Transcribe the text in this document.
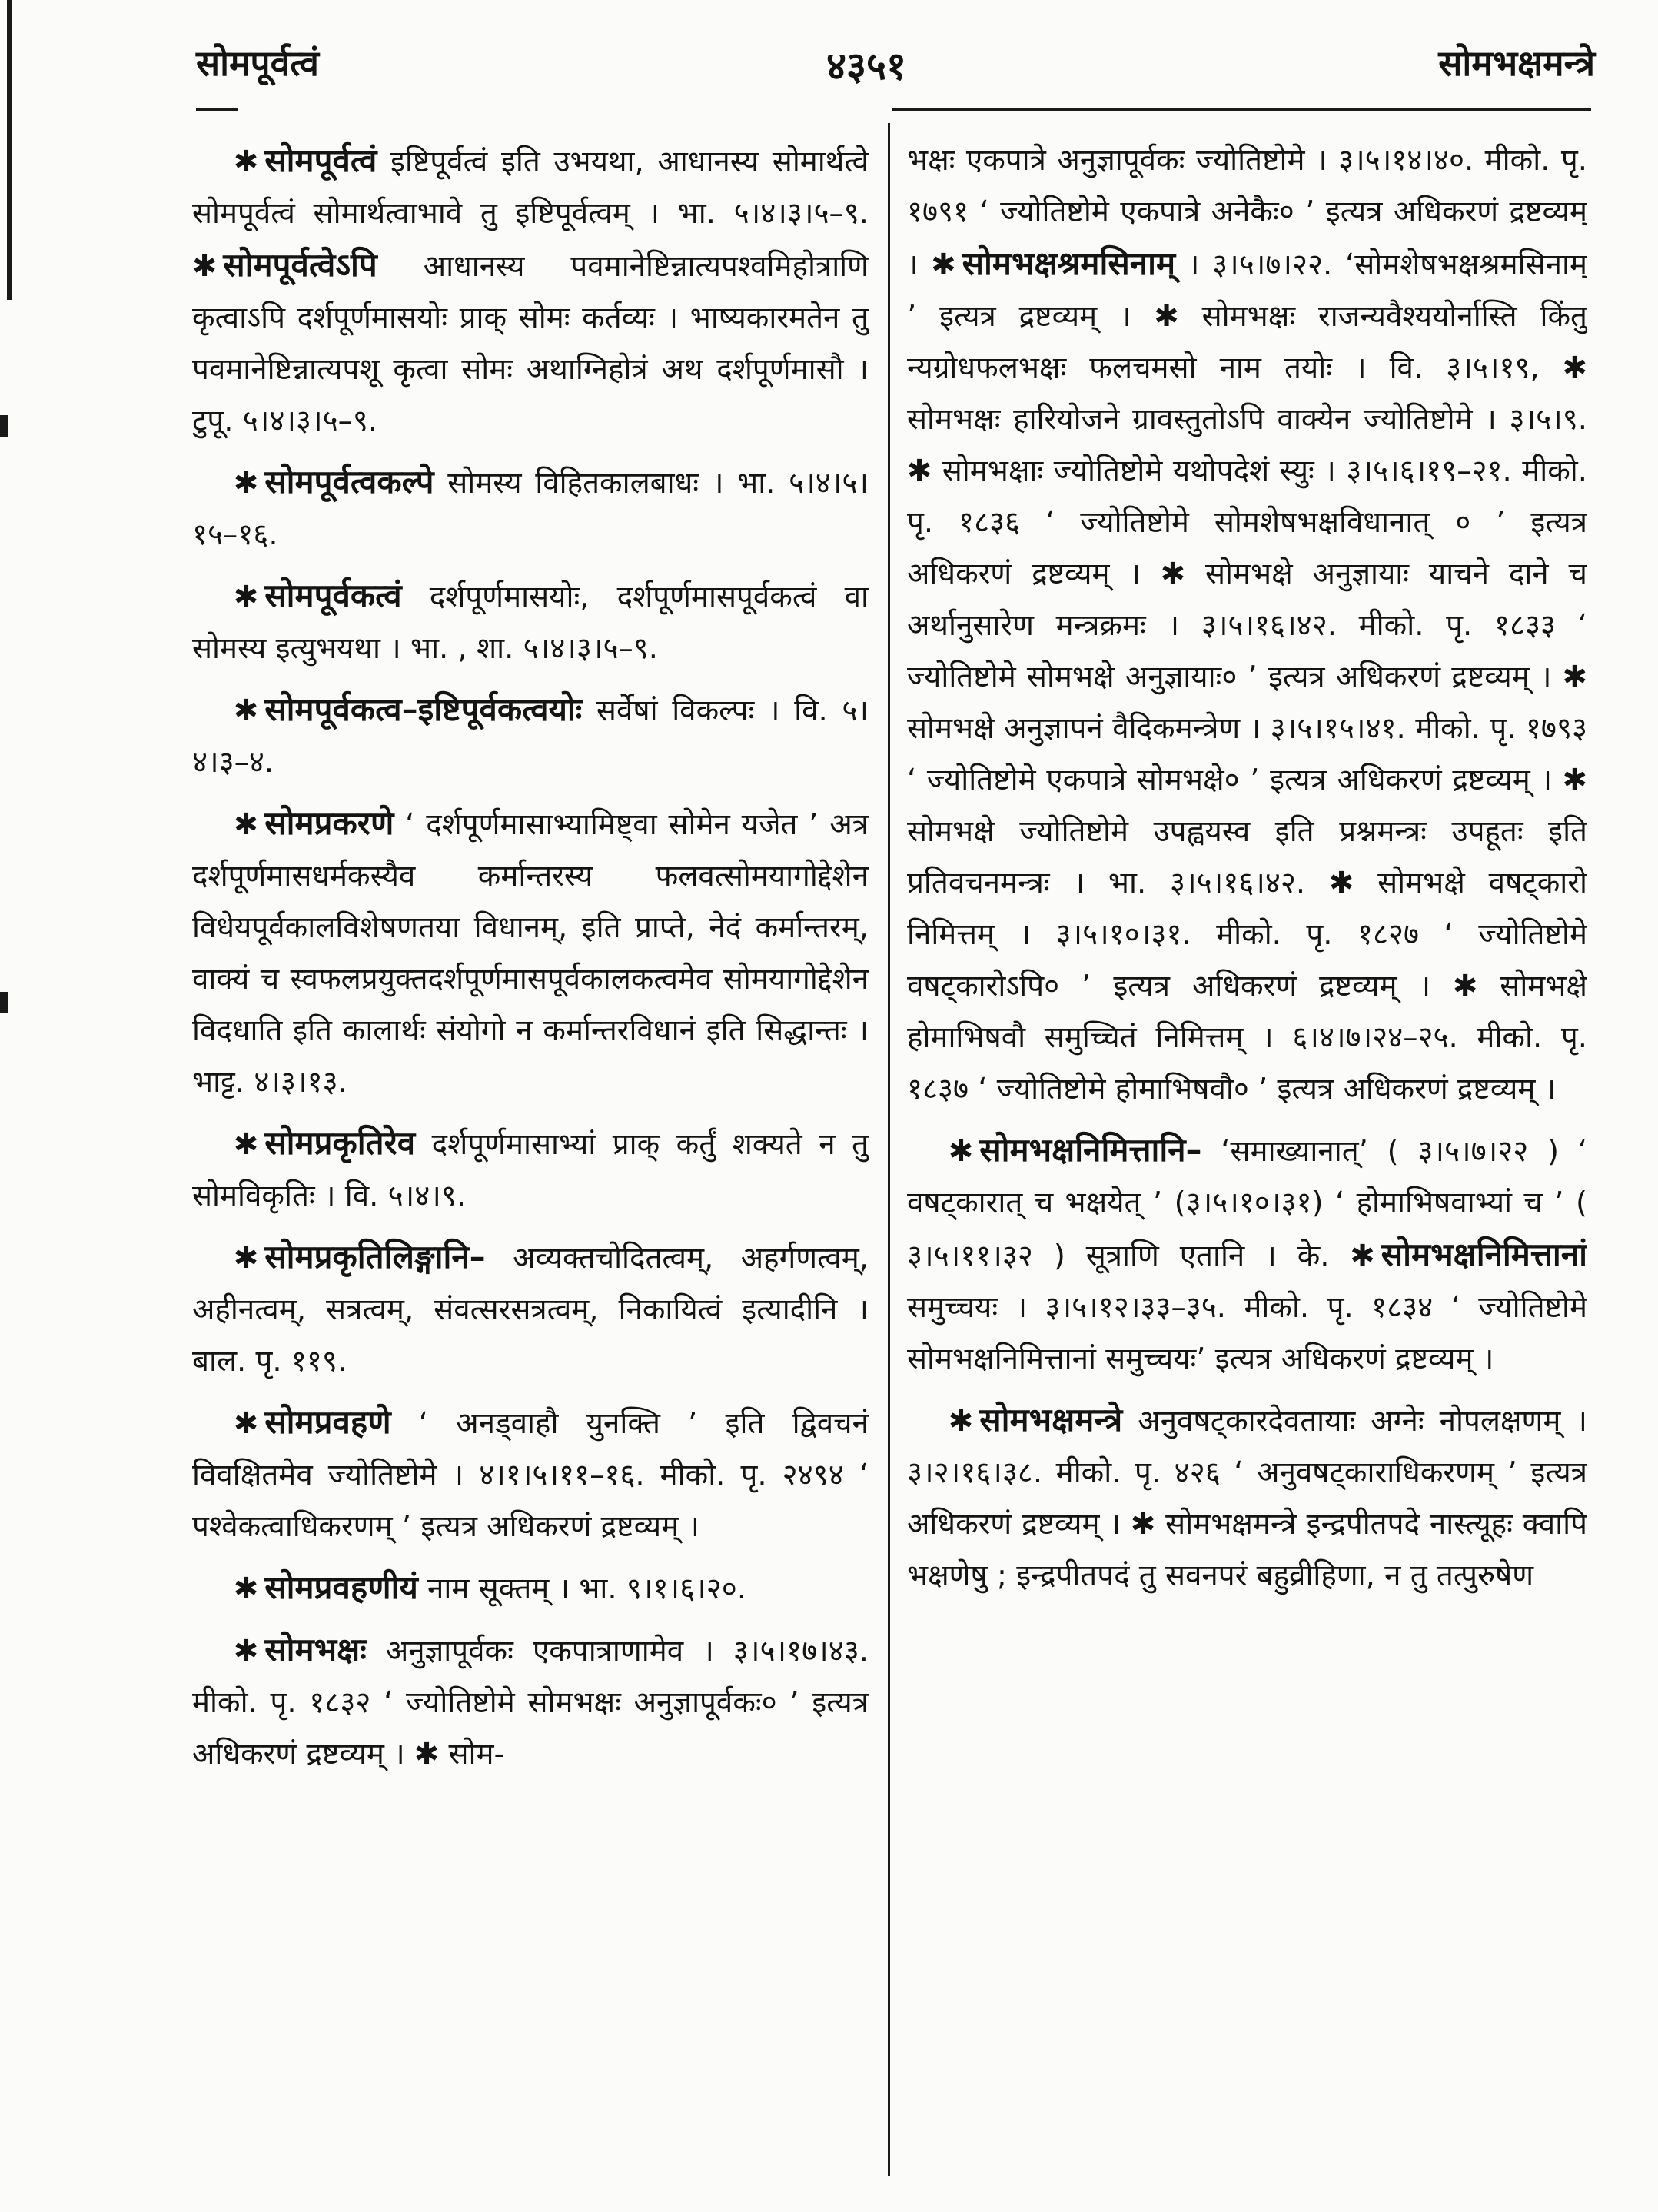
सोमपूर्वत्वं	४३५१	सोमभक्षमन्त्रे

✱ सोमपूर्वत्वं इष्टिपूर्वत्वं इति उभयथा, आधानस्य सोमार्थत्वे सोमपूर्वत्वं सोमार्थत्वाभावे तु इष्टिपूर्वत्वम् । भा. ५।४।३।५–९. ✱ सोमपूर्वत्वेऽपि आधानस्य पवमानेष्टिन्नात्यपश्वमिहोत्राणि कृत्वाऽपि दर्शपूर्णमासयोः प्राक् सोमः कर्तव्यः । भाष्यकारमतेन तु पवमानेष्टिन्नात्यपशू कृत्वा सोमः अथाग्निहोत्रं अथ दर्शपूर्णमासौ । टुपू. ५।४।३।५–९.

✱ सोमपूर्वत्वकल्पे सोमस्य विहितकालबाधः । भा. ५।४।५।१५–१६.

✱ सोमपूर्वकत्वं दर्शपूर्णमासयोः, दर्शपूर्णमासपूर्वकत्वं वा सोमस्य इत्युभयथा । भा. , शा. ५।४।३।५–९.

✱ सोमपूर्वकत्व–इष्टिपूर्वकत्वयोः सर्वेषां विकल्पः । वि. ५।४।३–४.

✱ सोमप्रकरणे ‘ दर्शपूर्णमासाभ्यामिष्ट्वा सोमेन यजेत ’ अत्र दर्शपूर्णमासधर्मकस्यैव कर्मान्तरस्य फलवत्सोमयागोद्देशेन विधेयपूर्वकालविशेषणतया विधानम्, इति प्राप्ते, नेदं कर्मान्तरम्, वाक्यं च स्वफलप्रयुक्तदर्शपूर्णमासपूर्वकालकत्वमेव सोमयागोद्देशेन विदधाति इति कालार्थः संयोगो न कर्मान्तरविधानं इति सिद्धान्तः । भाट्ट. ४।३।१३.

✱ सोमप्रकृतिरेव दर्शपूर्णमासाभ्यां प्राक् कर्तुं शक्यते न तु सोमविकृतिः । वि. ५।४।९.

✱ सोमप्रकृतिलिङ्गानि– अव्यक्तचोदितत्वम्, अहर्गणत्वम्, अहीनत्वम्, सत्रत्वम्, संवत्सरसत्रत्वम्, निकायित्वं इत्यादीनि । बाल. पृ. ११९.

✱ सोमप्रवहणे ‘ अनड्वाहौ युनक्ति ’ इति द्विवचनं विवक्षितमेव ज्योतिष्टोमे । ४।१।५।११–१६. मीको. पृ. २४९४ ‘ पश्वेकत्वाधिकरणम् ’ इत्यत्र अधिकरणं द्रष्टव्यम् ।

✱ सोमप्रवहणीयं नाम सूक्तम् । भा. ९।१।६।२०.

✱ सोमभक्षः अनुज्ञापूर्वकः एकपात्राणामेव । ३।५।१७।४३. मीको. पृ. १८३२ ‘ ज्योतिष्टोमे सोमभक्षः अनुज्ञापूर्वकः० ’ इत्यत्र अधिकरणं द्रष्टव्यम् । ✱ सोम-

भक्षः एकपात्रे अनुज्ञापूर्वकः ज्योतिष्टोमे । ३।५।१४।४०. मीको. पृ. १७९१ ‘ ज्योतिष्टोमे एकपात्रे अनेकैः० ’ इत्यत्र अधिकरणं द्रष्टव्यम् । ✱ सोमभक्षश्रमसिनाम् । ३।५।७।२२. ‘सोमशेषभक्षश्रमसिनाम् ’ इत्यत्र द्रष्टव्यम् । ✱ सोमभक्षः राजन्यवैश्ययोर्नास्ति किंतु न्यग्रोधफलभक्षः फलचमसो नाम तयोः । वि. ३।५।१९, ✱ सोमभक्षः हारियोजने ग्रावस्तुतोऽपि वाक्येन ज्योतिष्टोमे । ३।५।९. ✱ सोमभक्षाः ज्योतिष्टोमे यथोपदेशं स्युः । ३।५।६।१९–२१. मीको. पृ. १८३६ ‘ ज्योतिष्टोमे सोमशेषभक्षविधानात् ० ’ इत्यत्र अधिकरणं द्रष्टव्यम् । ✱ सोमभक्षे अनुज्ञायाः याचने दाने च अर्थानुसारेण मन्त्रक्रमः । ३।५।१६।४२. मीको. पृ. १८३३ ‘ ज्योतिष्टोमे सोमभक्षे अनुज्ञायाः० ’ इत्यत्र अधिकरणं द्रष्टव्यम् । ✱ सोमभक्षे अनुज्ञापनं वैदिकमन्त्रेण । ३।५।१५।४१. मीको. पृ. १७९३ ‘ ज्योतिष्टोमे एकपात्रे सोमभक्षे० ’ इत्यत्र अधिकरणं द्रष्टव्यम् । ✱ सोमभक्षे ज्योतिष्टोमे उपह्वयस्व इति प्रश्नमन्त्रः उपहूतः इति प्रतिवचनमन्त्रः । भा. ३।५।१६।४२. ✱ सोमभक्षे वषट्कारो निमित्तम् । ३।५।१०।३१. मीको. पृ. १८२७ ‘ ज्योतिष्टोमे वषट्कारोऽपि० ’ इत्यत्र अधिकरणं द्रष्टव्यम् । ✱ सोमभक्षे होमाभिषवौ समुच्चितं निमित्तम् । ६।४।७।२४–२५. मीको. पृ. १८३७ ‘ ज्योतिष्टोमे होमाभिषवौ० ’ इत्यत्र अधिकरणं द्रष्टव्यम् ।

✱ सोमभक्षनिमित्तानि– ‘समाख्यानात्’ ( ३।५।७।२२ ) ‘ वषट्कारात् च भक्षयेत् ’ (३।५।१०।३१) ‘ होमाभिषवाभ्यां च ’ ( ३।५।११।३२ ) सूत्राणि एतानि । के. ✱ सोमभक्षनिमित्तानां समुच्चयः । ३।५।१२।३३–३५. मीको. पृ. १८३४ ‘ ज्योतिष्टोमे सोमभक्षनिमित्तानां समुच्चयः’ इत्यत्र अधिकरणं द्रष्टव्यम् ।

✱ सोमभक्षमन्त्रे अनुवषट्कारदेवतायाः अग्नेः नोपलक्षणम् । ३।२।१६।३८. मीको. पृ. ४२६ ‘ अनुवषट्काराधिकरणम् ’ इत्यत्र अधिकरणं द्रष्टव्यम् । ✱ सोमभक्षमन्त्रे इन्द्रपीतपदे नास्त्यूहः क्वापि भक्षणेषु ; इन्द्रपीतपदं तु सवनपरं बहुव्रीहिणा, न तु तत्पुरुषेण
